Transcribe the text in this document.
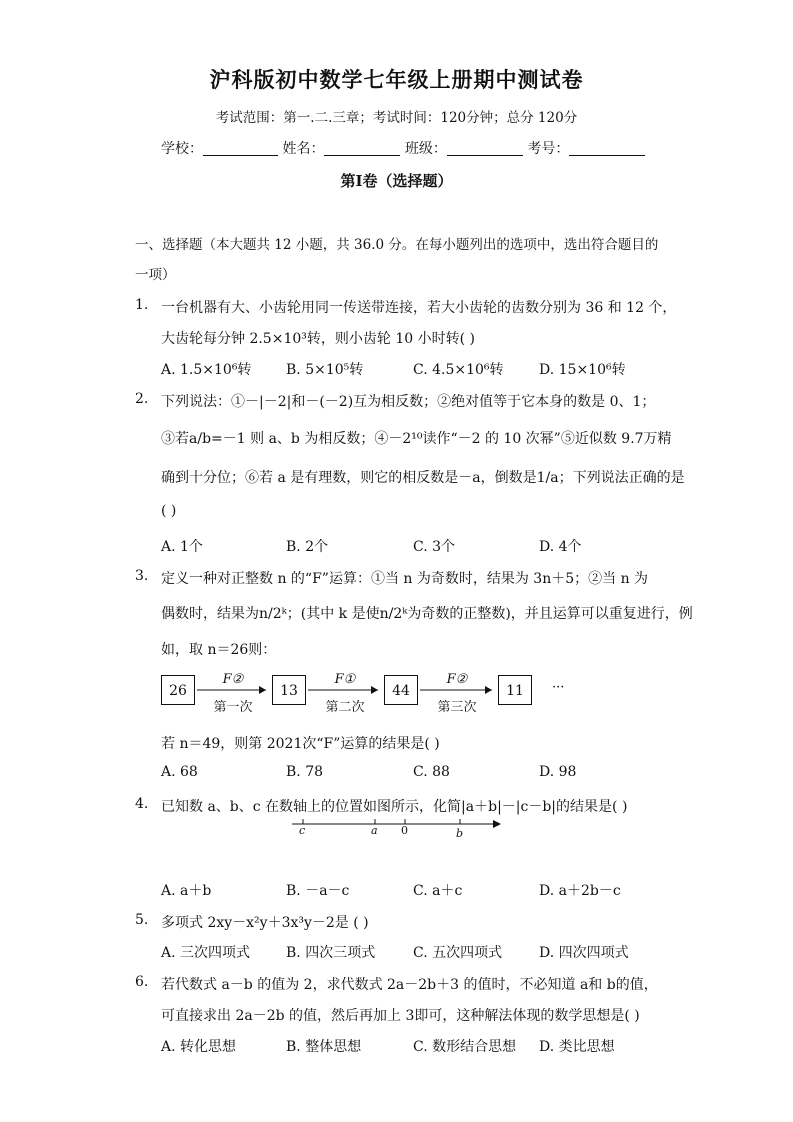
沪科版初中数学七年级上册期中测试卷
考试范围：第一.二.三章；考试时间：120分钟；总分 120分
学校：	姓名：	班级：	考号：
第Ⅰ卷（选择题）
一、选择题（本大题共 12 小题，共 36.0 分。在每小题列出的选项中，选出符合题目的
一项）
1. 一台机器有大、小齿轮用同一传送带连接，若大小齿轮的齿数分别为 36 和 12 个，
大齿轮每分钟 2.5×10³转，则小齿轮 10 小时转( )
A. 1.5×10⁶转 B. 5×10⁵转	C. 4.5×10⁶转	D. 15×10⁶转
2. 下列说法：①－|－2|和－(－2)互为相反数；②绝对值等于它本身的数是 0、1；
③若a/b=－1 则 a、b 为相反数；④－2¹⁰读作“－2 的 10 次幂”⑤近似数 9.7万精
确到十分位；⑥若 a 是有理数，则它的相反数是－a，倒数是1/a；下列说法正确的是
( )
A. 1个	B. 2个	C. 3个	D. 4个
3. 定义一种对正整数 n 的“F”运算：①当 n 为奇数时，结果为 3n＋5；②当 n 为
偶数时，结果为n/2ᵏ；(其中 k 是使n/2ᵏ为奇数的正整数)，并且运算可以重复进行，例
如，取 n＝26则：
26	13	44	11
F②	F①	F②
第一次	第二次	第三次
···
若 n＝49，则第 2021次“F”运算的结果是( )
A. 68	B. 78	C. 88	D. 98
4. 已知数 a、b、c 在数轴上的位置如图所示，化简|a＋b|－|c－b|的结果是( )
c	a 0	b
A. a＋b	B. －a－c	C. a＋c	D. a＋2b－c
5. 多项式 2xy－x²y＋3x³y－2是 ( )
A. 三次四项式	B. 四次三项式	C. 五次四项式	D. 四次四项式
6. 若代数式 a－b 的值为 2，求代数式 2a－2b＋3 的值时，不必知道 a和 b的值，
可直接求出 2a－2b 的值，然后再加上 3即可，这种解法体现的数学思想是( )
A. 转化思想	B. 整体思想	C. 数形结合思想 D. 类比思想
